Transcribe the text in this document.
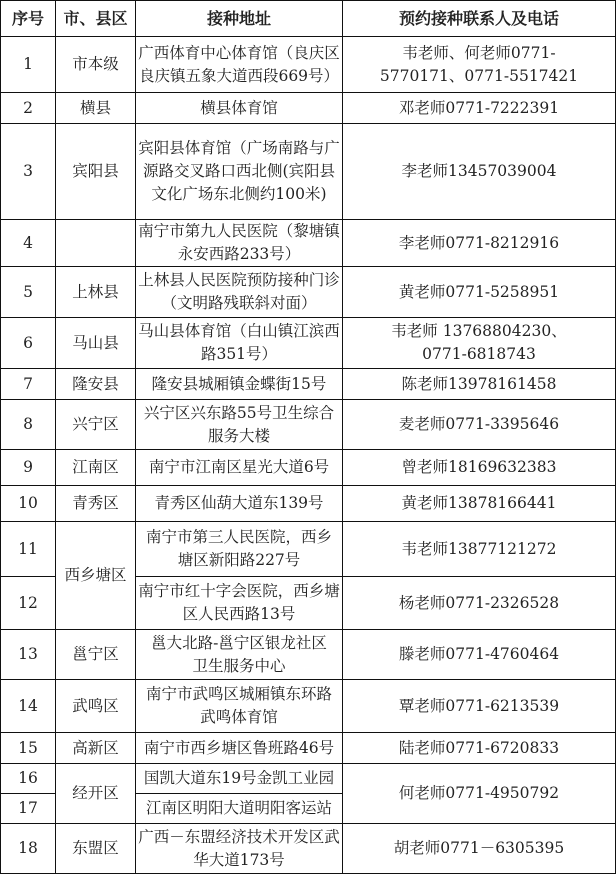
序号	市、县区	接种地址	预约接种联系人及电话

1	市本级	广西体育中心体育馆（良庆区
良庆镇五象大道西段669号）	韦老师、何老师0771-
5770171、0771-5517421

2	横县	横县体育馆	邓老师0771-7222391

3	宾阳县	宾阳县体育馆（广场南路与广
源路交叉路口西北侧(宾阳县
文化广场东北侧约100米)	李老师13457039004

4		南宁市第九人民医院（黎塘镇
永安西路233号）	李老师0771-8212916

5	上林县	上林县人民医院预防接种门诊
（文明路残联斜对面）	黄老师0771-5258951

6	马山县	马山县体育馆（白山镇江滨西
路351号）	韦老师 13768804230、
0771-6818743

7	隆安县	隆安县城厢镇金蝶街15号	陈老师13978161458

8	兴宁区	兴宁区兴东路55号卫生综合
服务大楼	麦老师0771-3395646

9	江南区	南宁市江南区星光大道6号	曾老师18169632383

10	青秀区	青秀区仙葫大道东139号	黄老师13878166441

11	西乡塘区	南宁市第三人民医院，西乡
塘区新阳路227号	韦老师13877121272

12		南宁市红十字会医院，西乡塘
区人民西路13号	杨老师0771-2326528

13	邕宁区	邕大北路-邕宁区银龙社区
卫生服务中心	滕老师0771-4760464

14	武鸣区	南宁市武鸣区城厢镇东环路
武鸣体育馆	覃老师0771-6213539

15	高新区	南宁市西乡塘区鲁班路46号	陆老师0771-6720833

16	经开区	国凯大道东19号金凯工业园	何老师0771-4950792

17		江南区明阳大道明阳客运站	

18	东盟区	广西－东盟经济技术开发区武
华大道173号	胡老师0771－6305395
